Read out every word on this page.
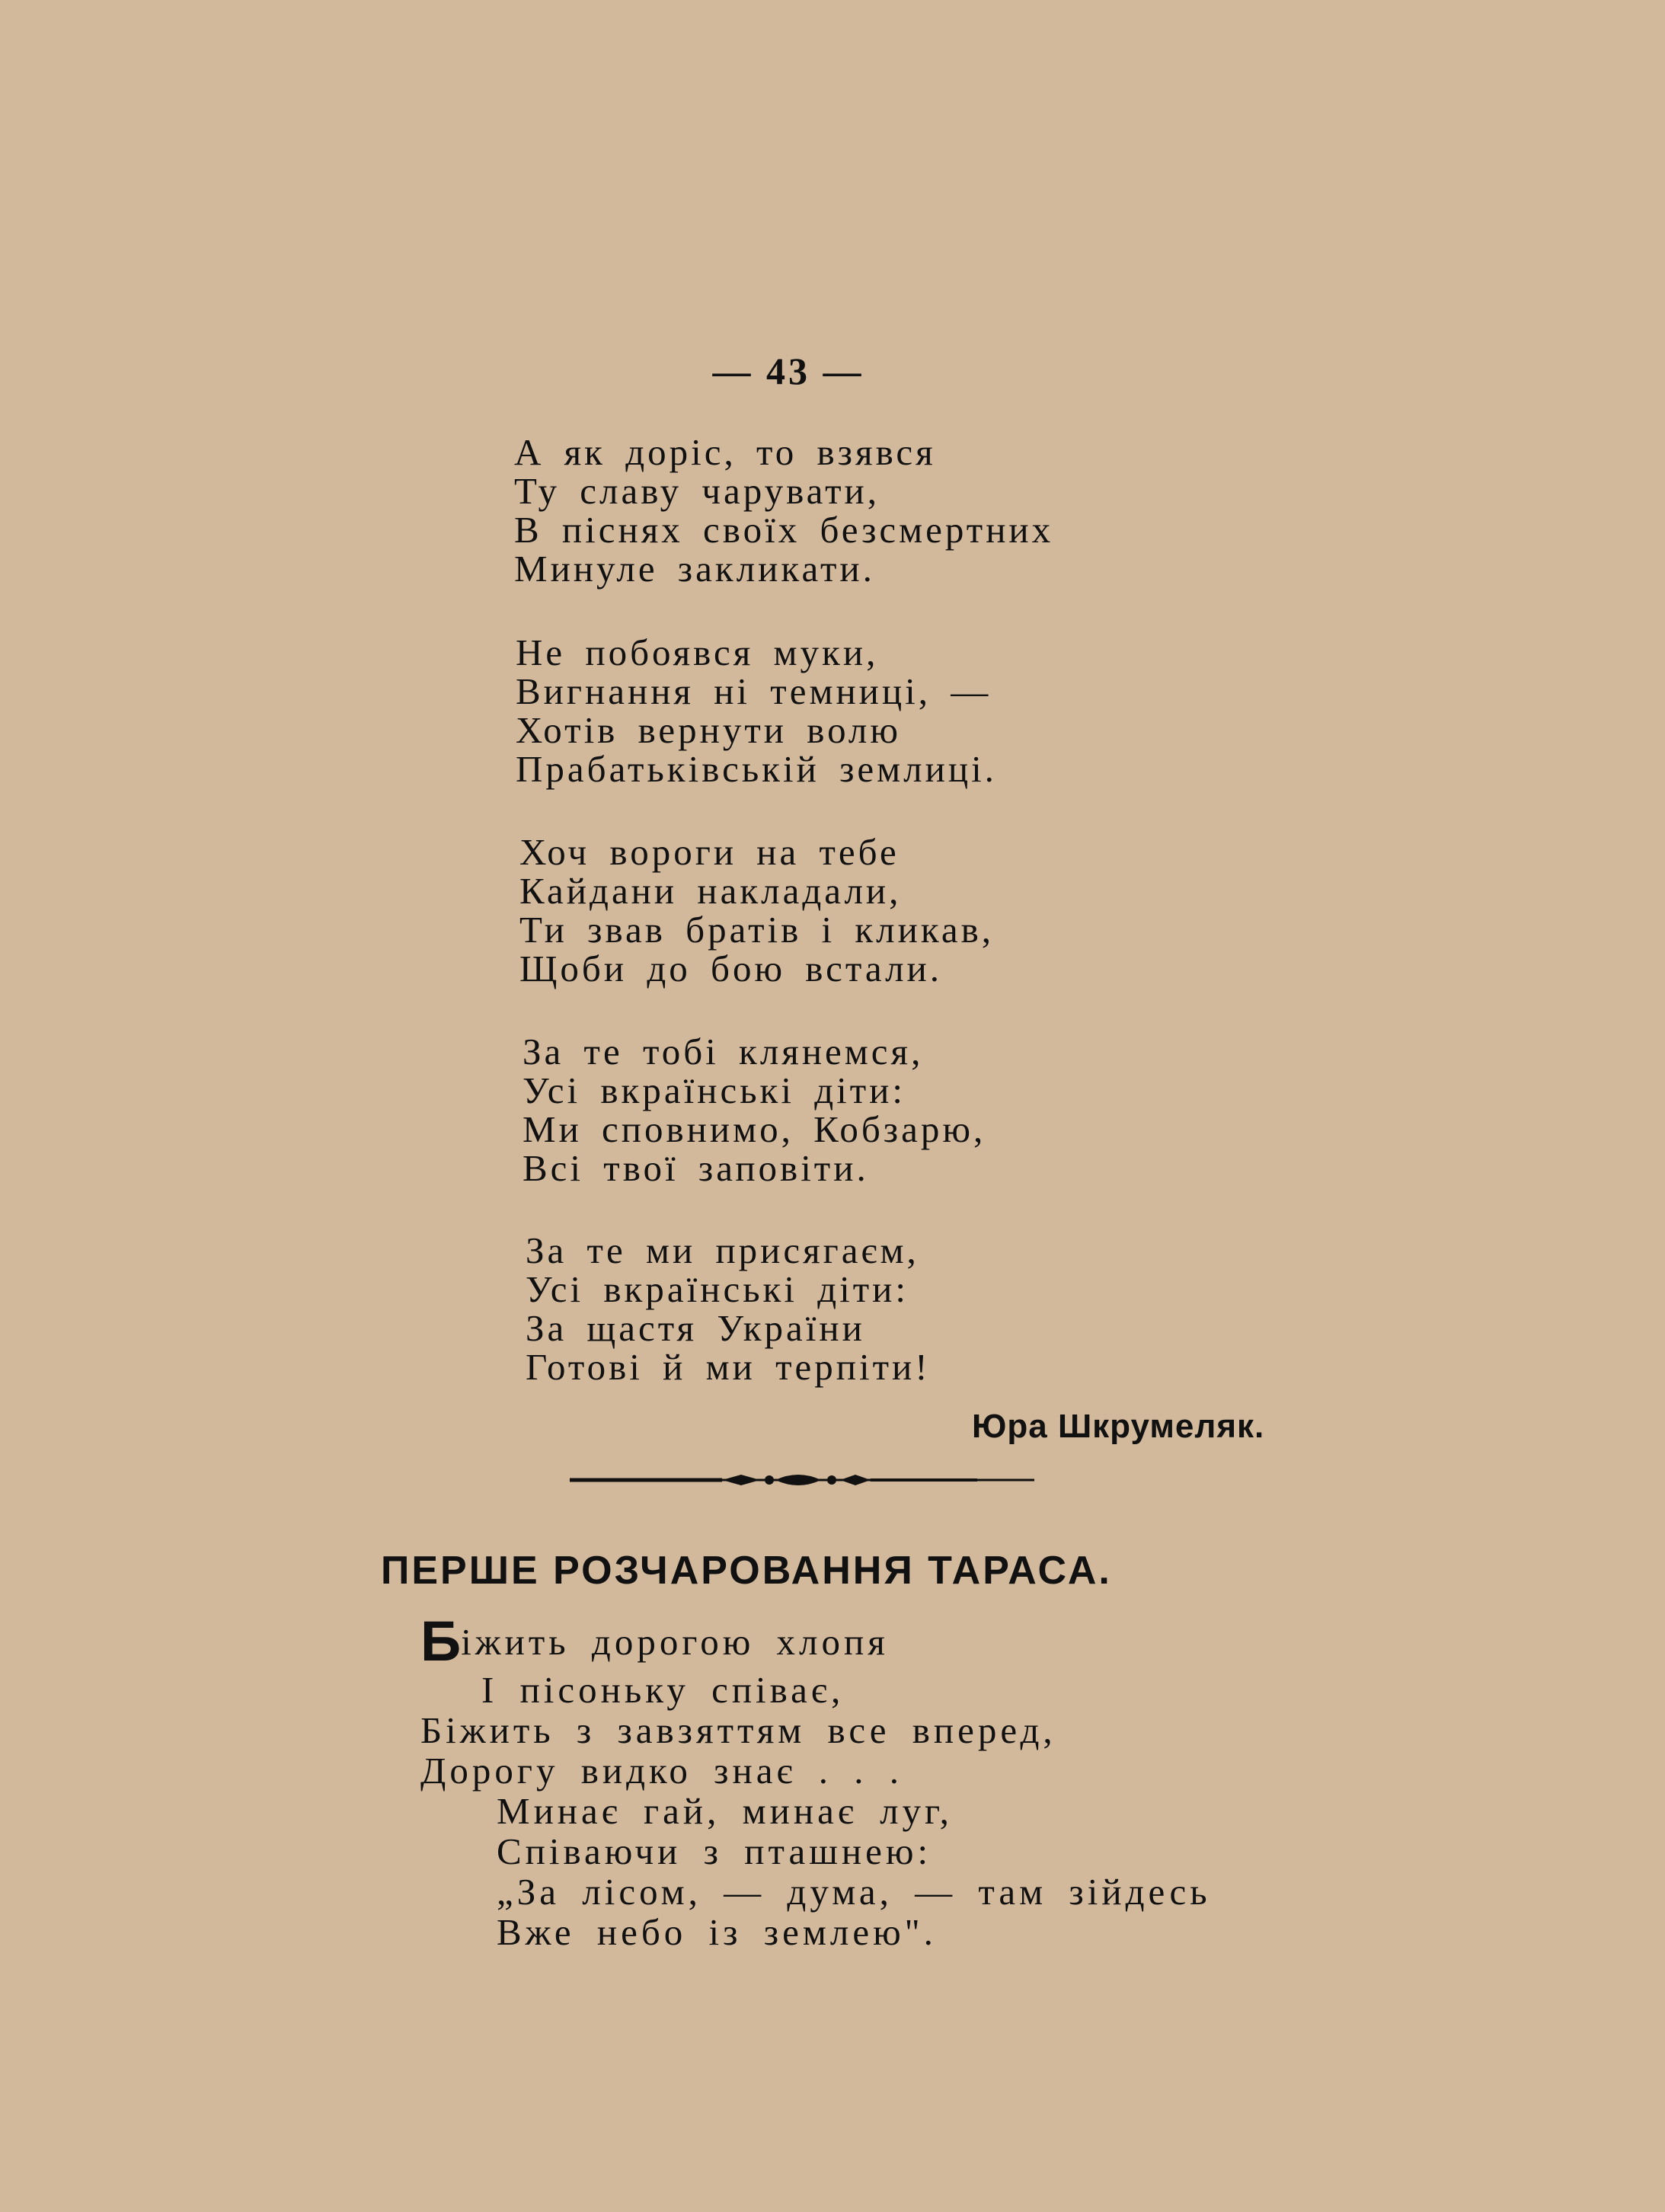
— 43 —
А як доріс, то взявся
Ту славу чарувати,
В піснях своїх безсмертних
Минуле закликати.
Не побоявся муки,
Вигнання ні темниці, —
Хотів вернути волю
Прабатьківській землиці.
Хоч вороги на тебе
Кайдани накладали,
Ти звав братів і кликав,
Щоби до бою встали.
За те тобі клянемся,
Усі вкраїнські діти:
Ми сповнимо, Кобзарю,
Всі твої заповіти.
За те ми присягаєм,
Усі вкраїнські діти:
За щастя України
Готові й ми терпіти!
Юра Шкрумеляк.
ПЕРШЕ РОЗЧАРОВАННЯ ТАРАСА.
Біжить дорогою хлопя
І пісоньку співає,
Біжить з завзяттям все вперед,
Дорогу видко знає . . .
Минає гай, минає луг,
Співаючи з пташнею:
„За лісом, — дума, — там зійдесь
Вже небо із землею".
